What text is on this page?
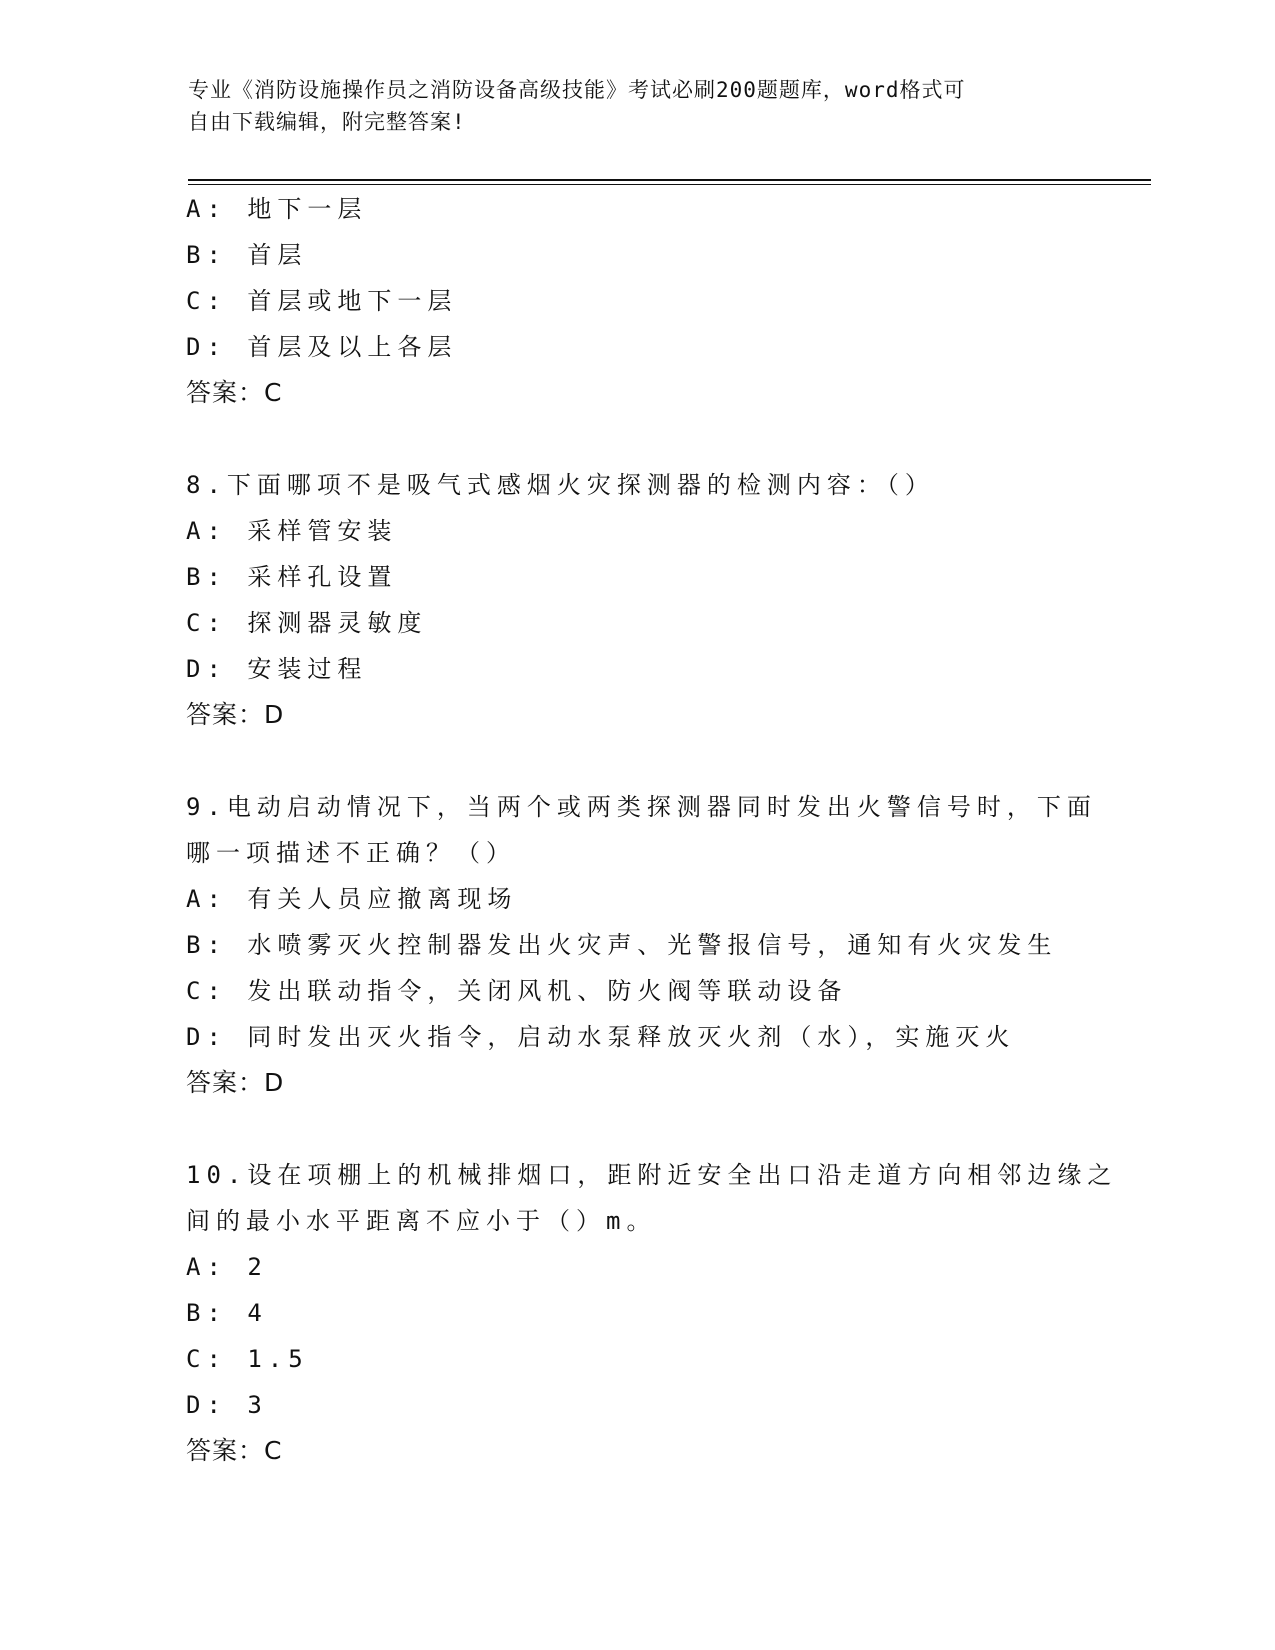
专业《消防设施操作员之消防设备高级技能》考试必刷200题题库，word格式可
自由下载编辑，附完整答案!
A: 地下一层
B: 首层
C: 首层或地下一层
D: 首层及以上各层
答案：C
8.下面哪项不是吸气式感烟火灾探测器的检测内容：（）
A: 采样管安装
B: 采样孔设置
C: 探测器灵敏度
D: 安装过程
答案：D
9.电动启动情况下，当两个或两类探测器同时发出火警信号时，下面
哪一项描述不正确？（）
A: 有关人员应撤离现场
B: 水喷雾灭火控制器发出火灾声、光警报信号，通知有火灾发生
C: 发出联动指令，关闭风机、防火阀等联动设备
D: 同时发出灭火指令，启动水泵释放灭火剂（水），实施灭火
答案：D
10.设在项棚上的机械排烟口，距附近安全出口沿走道方向相邻边缘之
间的最小水平距离不应小于（）m。
A: 2
B: 4
C: 1.5
D: 3
答案：C
